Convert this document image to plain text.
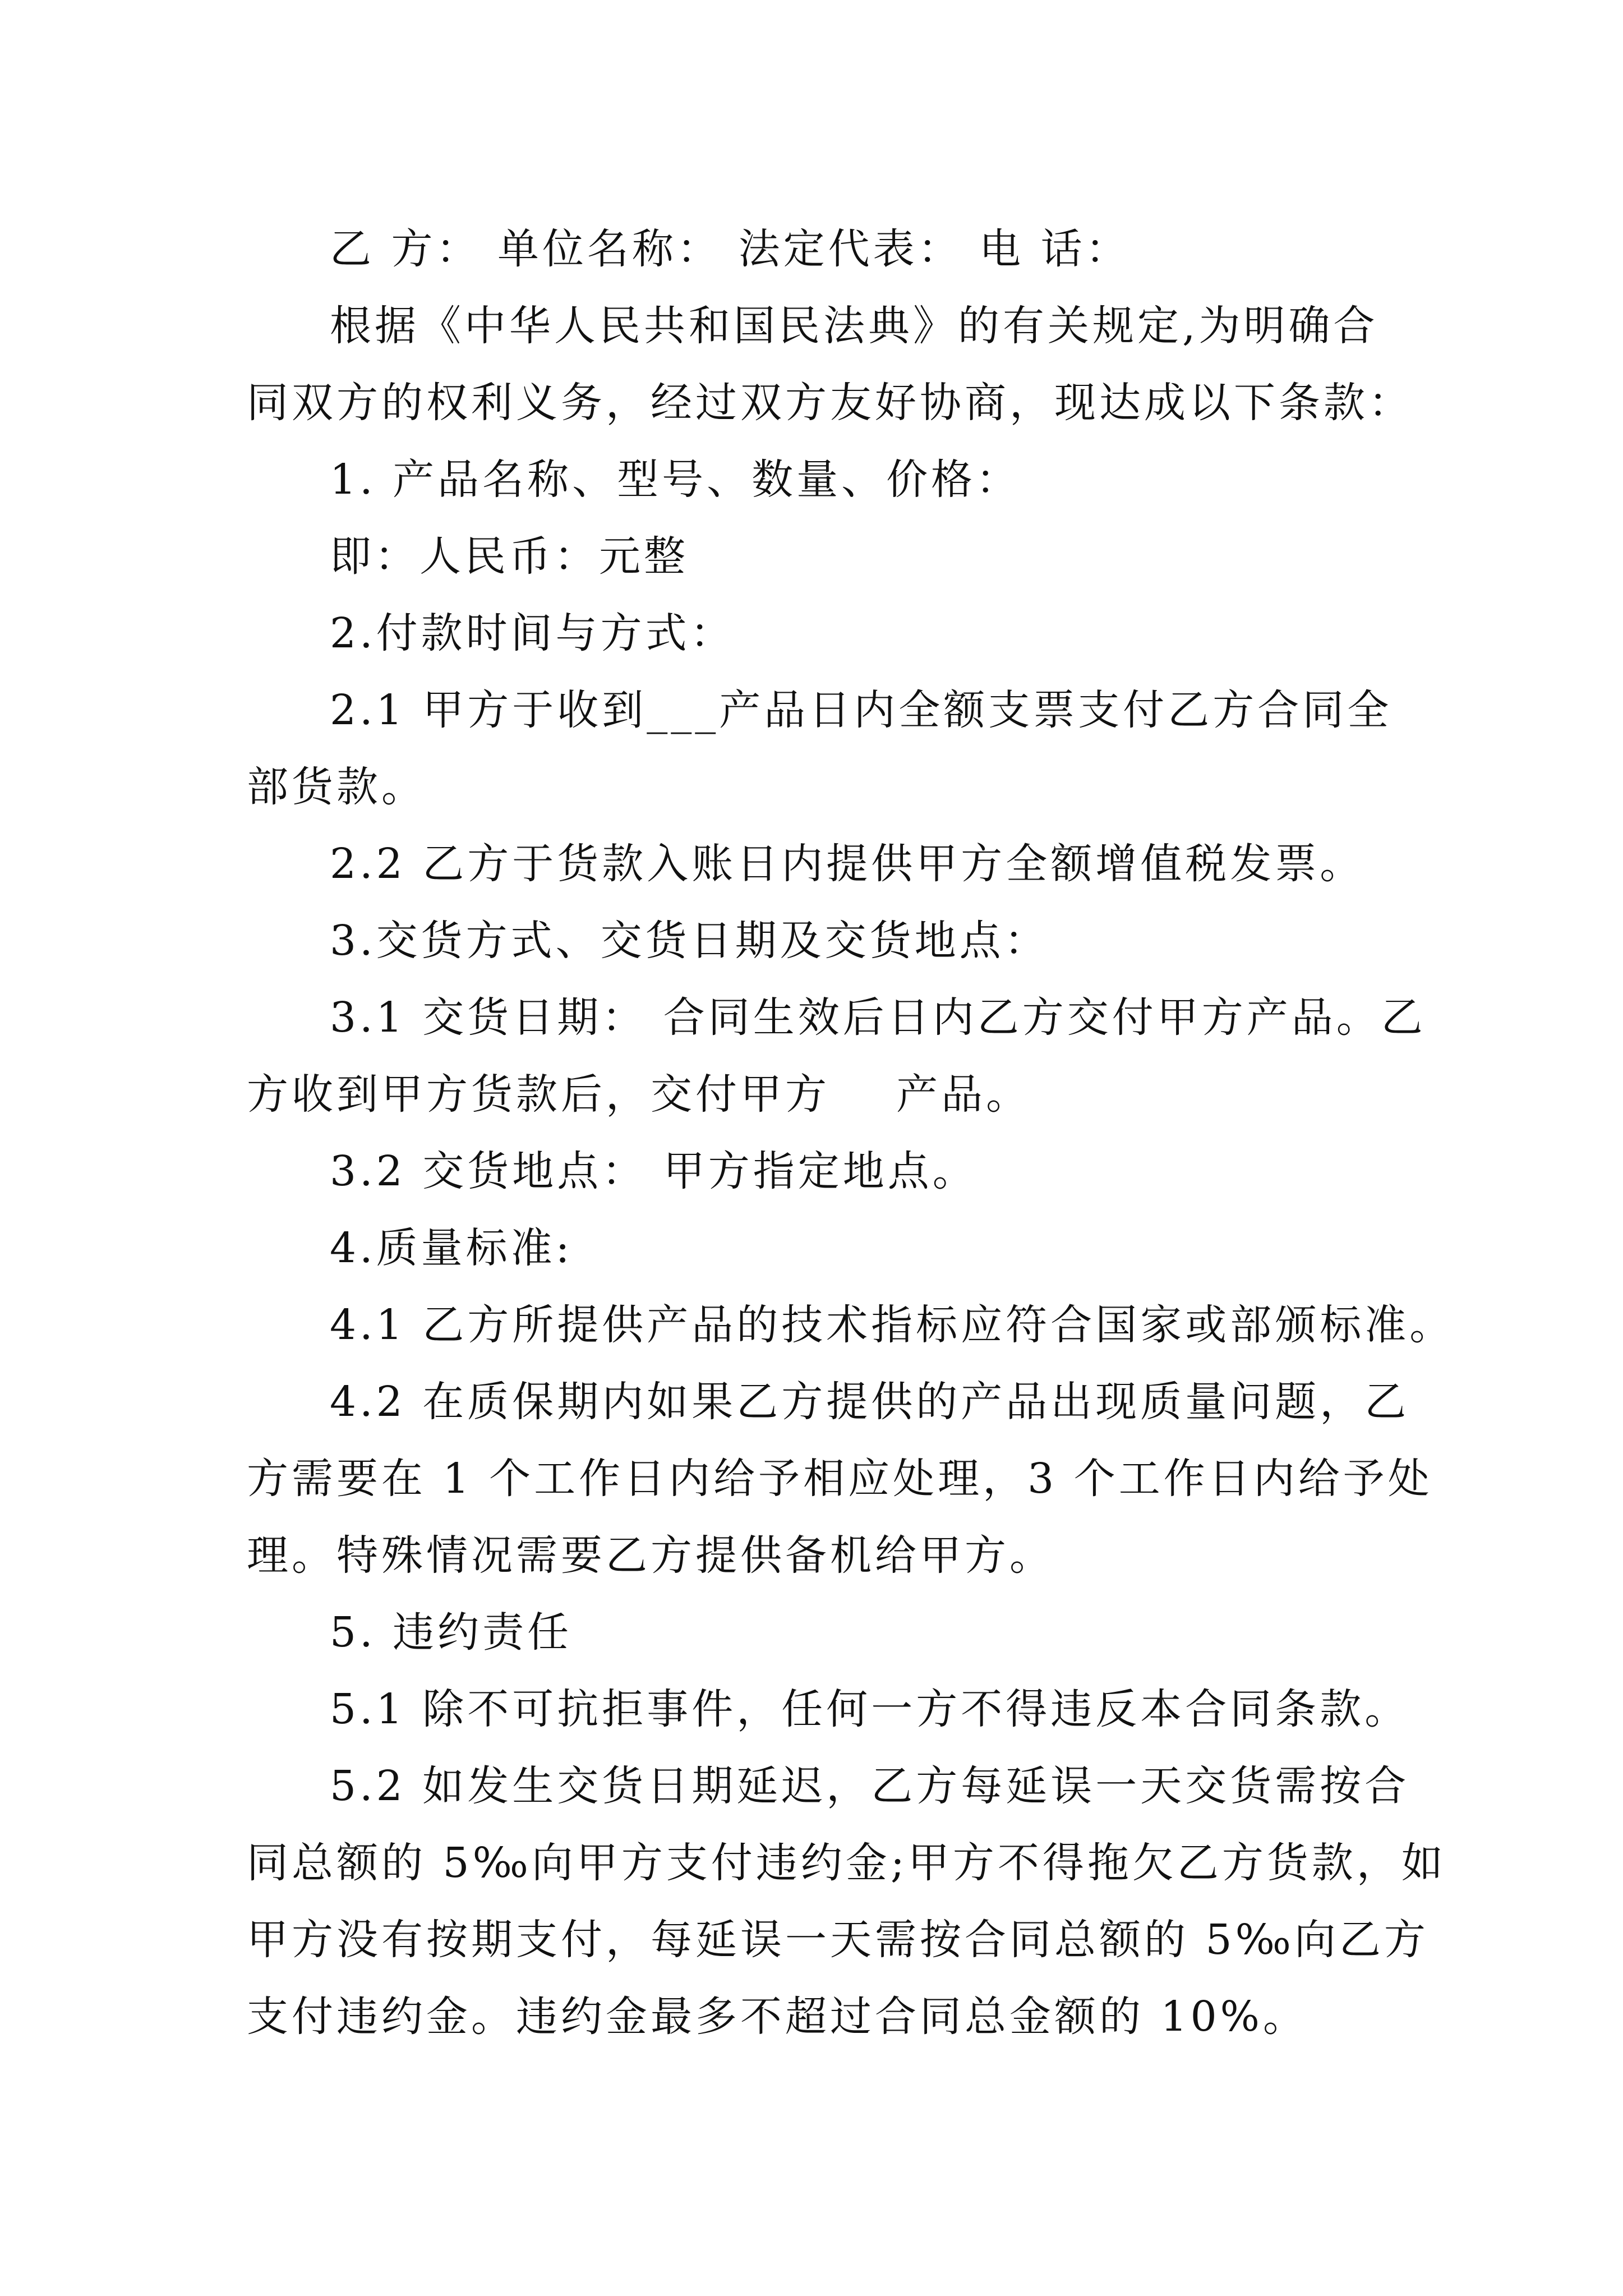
乙 方： 单位名称： 法定代表： 电 话：
根据《中华人民共和国民法典》的有关规定,为明确合
同双方的权利义务，经过双方友好协商，现达成以下条款：
1. 产品名称、型号、数量、价格：
即：人民币：元整
2.付款时间与方式：
2.1 甲方于收到___产品日内全额支票支付乙方合同全
部货款。
2.2 乙方于货款入账日内提供甲方全额增值税发票。
3.交货方式、交货日期及交货地点：
3.1 交货日期： 合同生效后日内乙方交付甲方产品。乙
方收到甲方货款后，交付甲方    产品。
3.2 交货地点： 甲方指定地点。
4.质量标准:
4.1 乙方所提供产品的技术指标应符合国家或部颁标准。
4.2 在质保期内如果乙方提供的产品出现质量问题，乙
方需要在 1 个工作日内给予相应处理，3 个工作日内给予处
理。特殊情况需要乙方提供备机给甲方。
5. 违约责任
5.1 除不可抗拒事件，任何一方不得违反本合同条款。
5.2 如发生交货日期延迟，乙方每延误一天交货需按合
同总额的 5‰向甲方支付违约金;甲方不得拖欠乙方货款，如
甲方没有按期支付，每延误一天需按合同总额的 5‰向乙方
支付违约金。违约金最多不超过合同总金额的 10%。
